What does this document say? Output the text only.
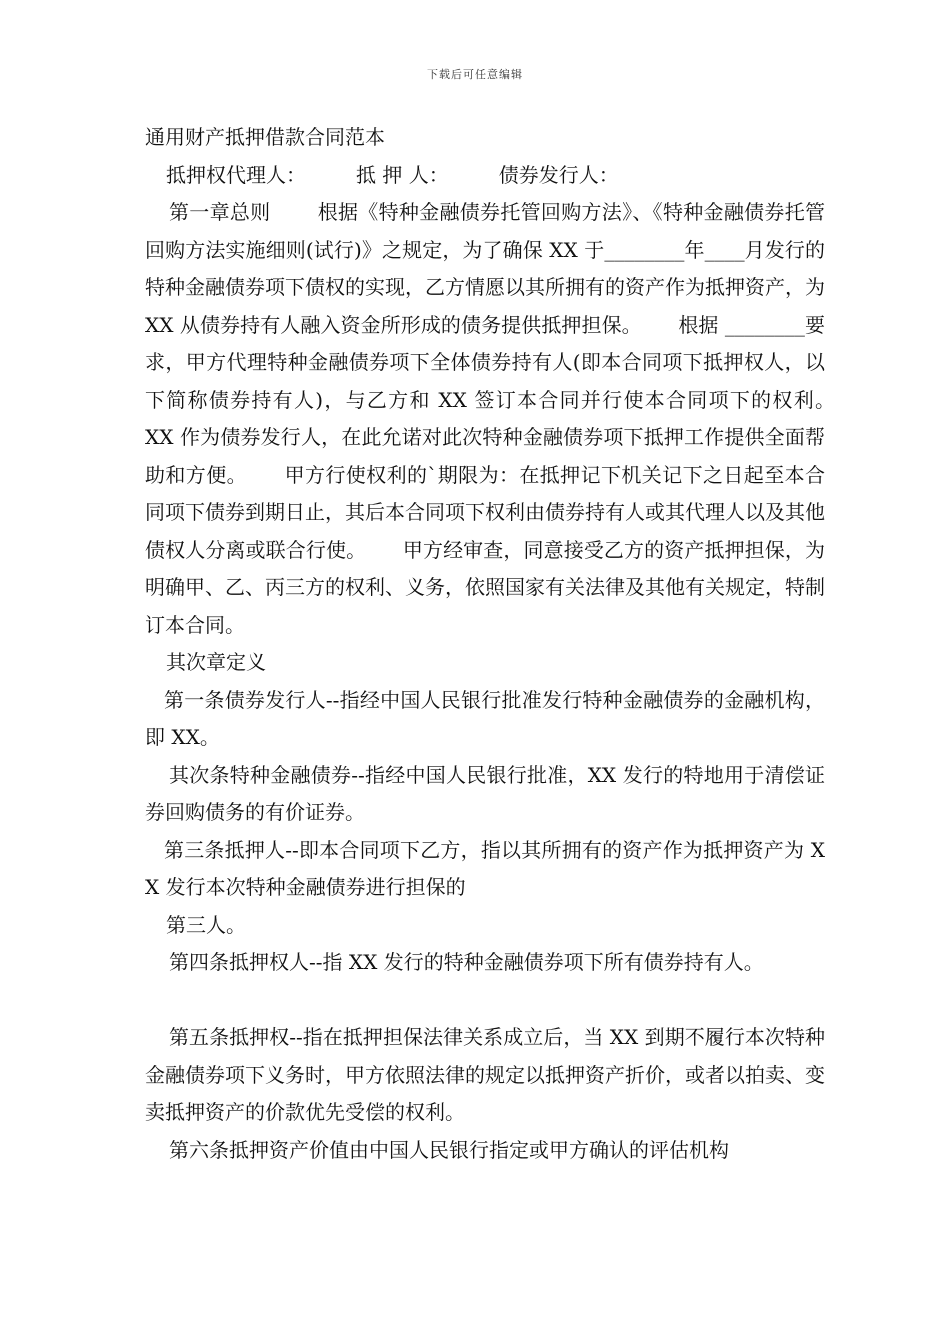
下载后可任意编辑

通用财产抵押借款合同范本

抵押权代理人：　　　抵 押 人：　　　债券发行人：

第一章总则　　 根据《特种金融债券托管回购方法》、《特种金融债券托管回购方法实施细则(试行)》之规定，为了确保 XX 于________年____月发行的特种金融债券项下债权的实现，乙方情愿以其所拥有的资产作为抵押资产，为 XX 从债券持有人融入资金所形成的债务提供抵押担保。　　 根据 ________要求，甲方代理特种金融债券项下全体债券持有人(即本合同项下抵押权人，以下简称债券持有人)，与乙方和 XX 签订本合同并行使本合同项下的权利。　　 XX 作为债券发行人，在此允诺对此次特种金融债券项下抵押工作提供全面帮助和方便。　　 甲方行使权利的`期限为：在抵押记下机关记下之日起至本合同项下债券到期日止，其后本合同项下权利由债券持有人或其代理人以及其他债权人分离或联合行使。　　 甲方经审查，同意接受乙方的资产抵押担保，为明确甲、乙、丙三方的权利、义务，依照国家有关法律及其他有关规定，特制订本合同。

其次章定义

第一条债券发行人--指经中国人民银行批准发行特种金融债券的金融机构，即 XX。

其次条特种金融债券--指经中国人民银行批准，XX 发行的特地用于清偿证券回购债务的有价证券。

第三条抵押人--即本合同项下乙方，指以其所拥有的资产作为抵押资产为 XX 发行本次特种金融债券进行担保的

第三人。

第四条抵押权人--指 XX 发行的特种金融债券项下所有债券持有人。

第五条抵押权--指在抵押担保法律关系成立后，当 XX 到期不履行本次特种金融债券项下义务时，甲方依照法律的规定以抵押资产折价，或者以拍卖、变卖抵押资产的价款优先受偿的权利。

第六条抵押资产价值由中国人民银行指定或甲方确认的评估机构
